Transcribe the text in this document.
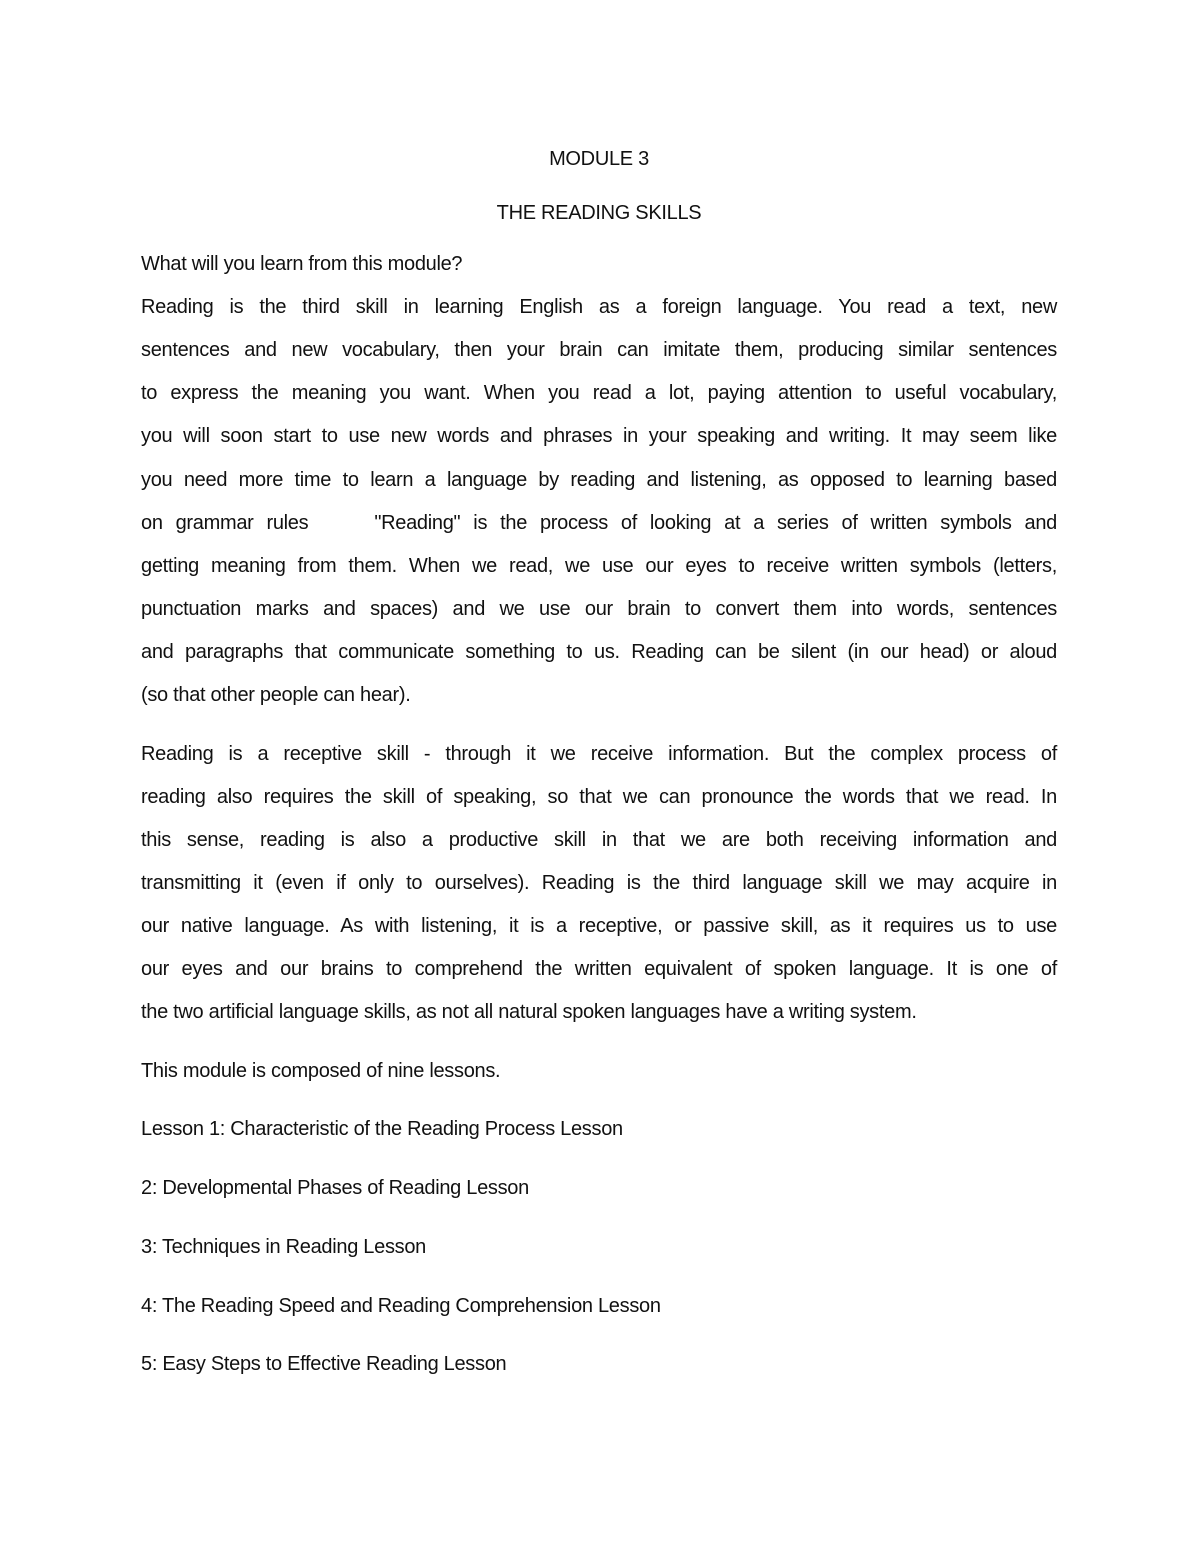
MODULE 3
THE READING SKILLS
What will you learn from this module?
Reading is the third skill in learning English as a foreign language. You read a text, new
sentences and new vocabulary, then your brain can imitate them, producing similar sentences
to express the meaning you want. When you read a lot, paying attention to useful vocabulary,
you will soon start to use new words and phrases in your speaking and writing. It may seem like
you need more time to learn a language by reading and listening, as opposed to learning based
on grammar rules	"Reading" is the process of looking at a series of written symbols and
getting meaning from them. When we read, we use our eyes to receive written symbols (letters,
punctuation marks and spaces) and we use our brain to convert them into words, sentences
and paragraphs that communicate something to us. Reading can be silent (in our head) or aloud
(so that other people can hear).
Reading is a receptive skill - through it we receive information. But the complex process of
reading also requires the skill of speaking, so that we can pronounce the words that we read. In
this sense, reading is also a productive skill in that we are both receiving information and
transmitting it (even if only to ourselves). Reading is the third language skill we may acquire in
our native language. As with listening, it is a receptive, or passive skill, as it requires us to use
our eyes and our brains to comprehend the written equivalent of spoken language. It is one of
the two artificial language skills, as not all natural spoken languages have a writing system.
This module is composed of nine lessons.
Lesson 1: Characteristic of the Reading Process Lesson
2: Developmental Phases of Reading Lesson
3: Techniques in Reading Lesson
4: The Reading Speed and Reading Comprehension Lesson
5: Easy Steps to Effective Reading Lesson
